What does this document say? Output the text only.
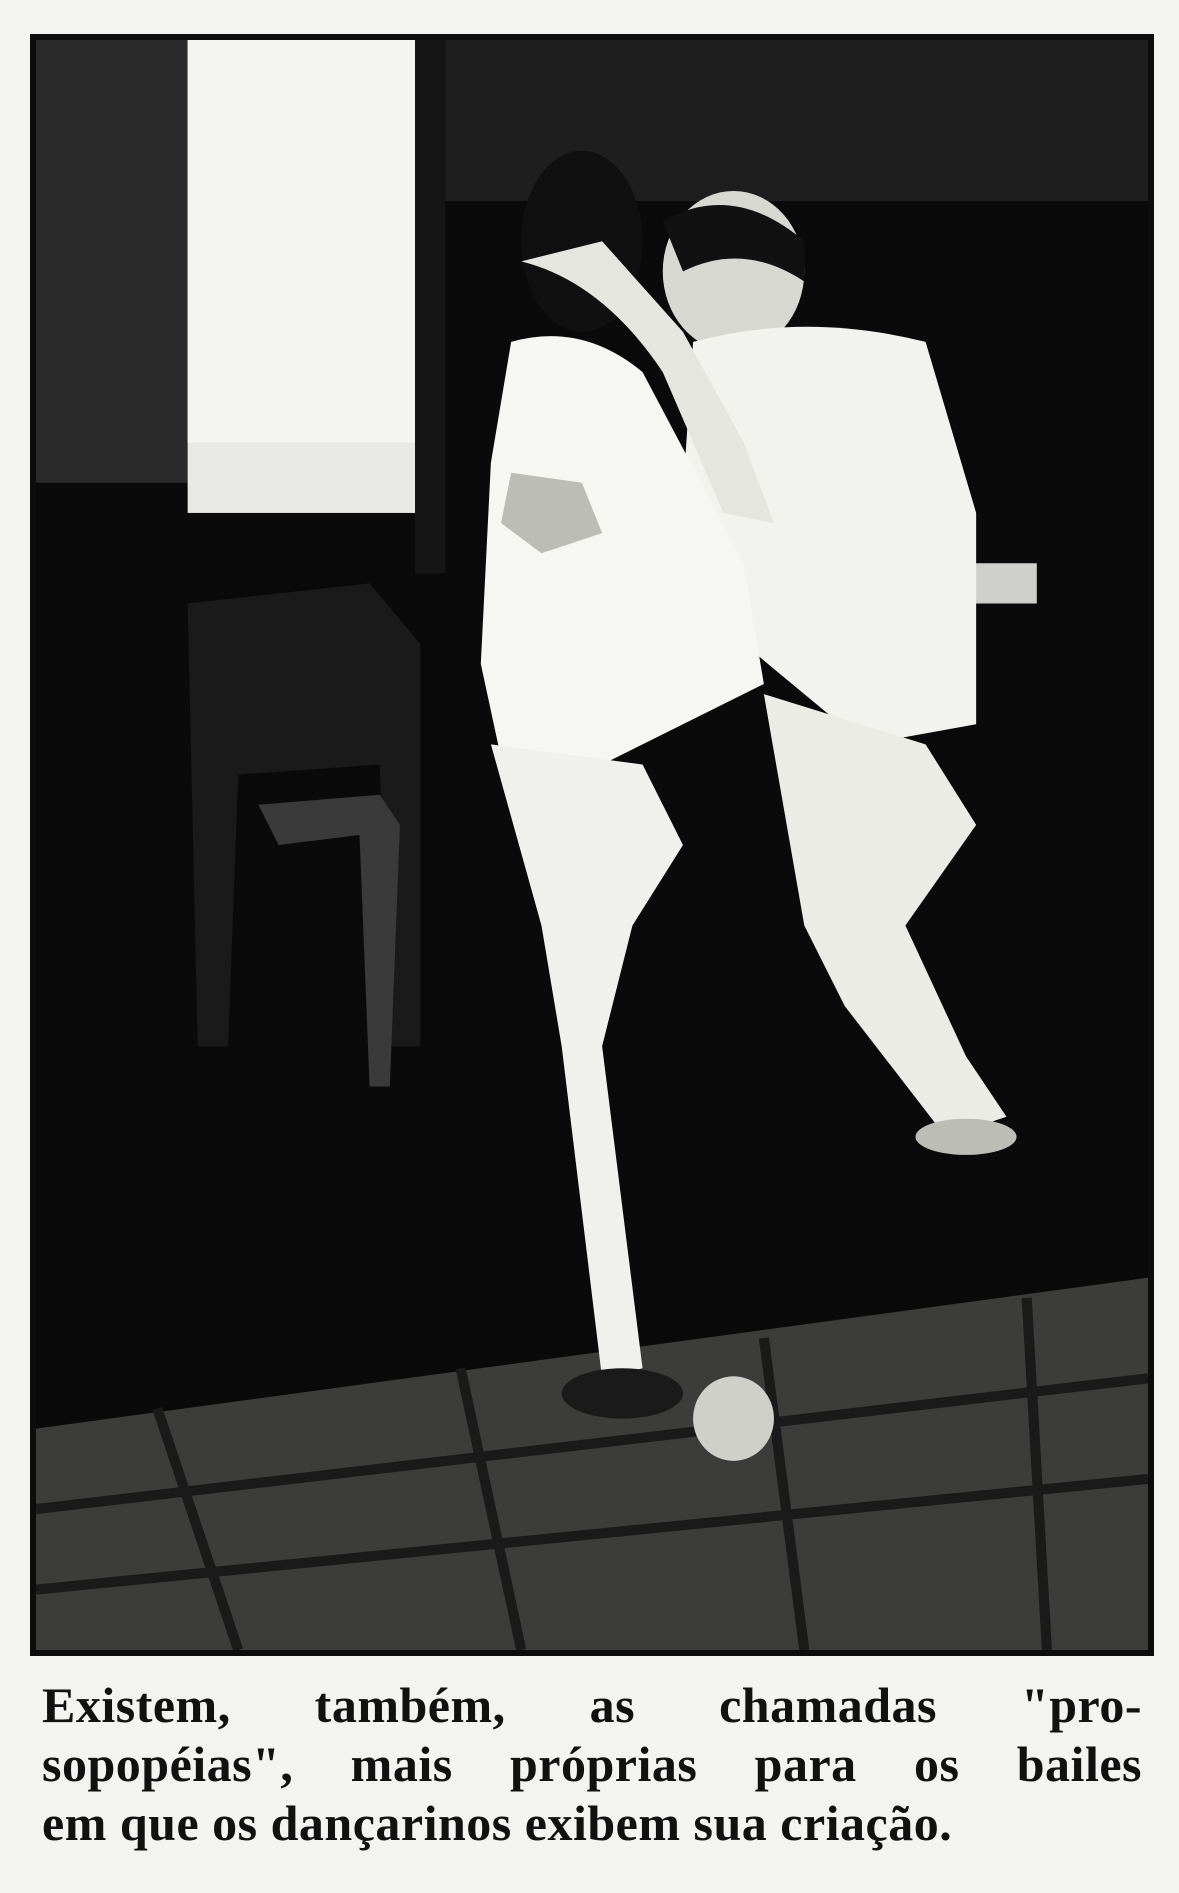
Existem, também, as chamadas "pro-
sopopéias", mais próprias para os bailes
em que os dançarinos exibem sua criação.
